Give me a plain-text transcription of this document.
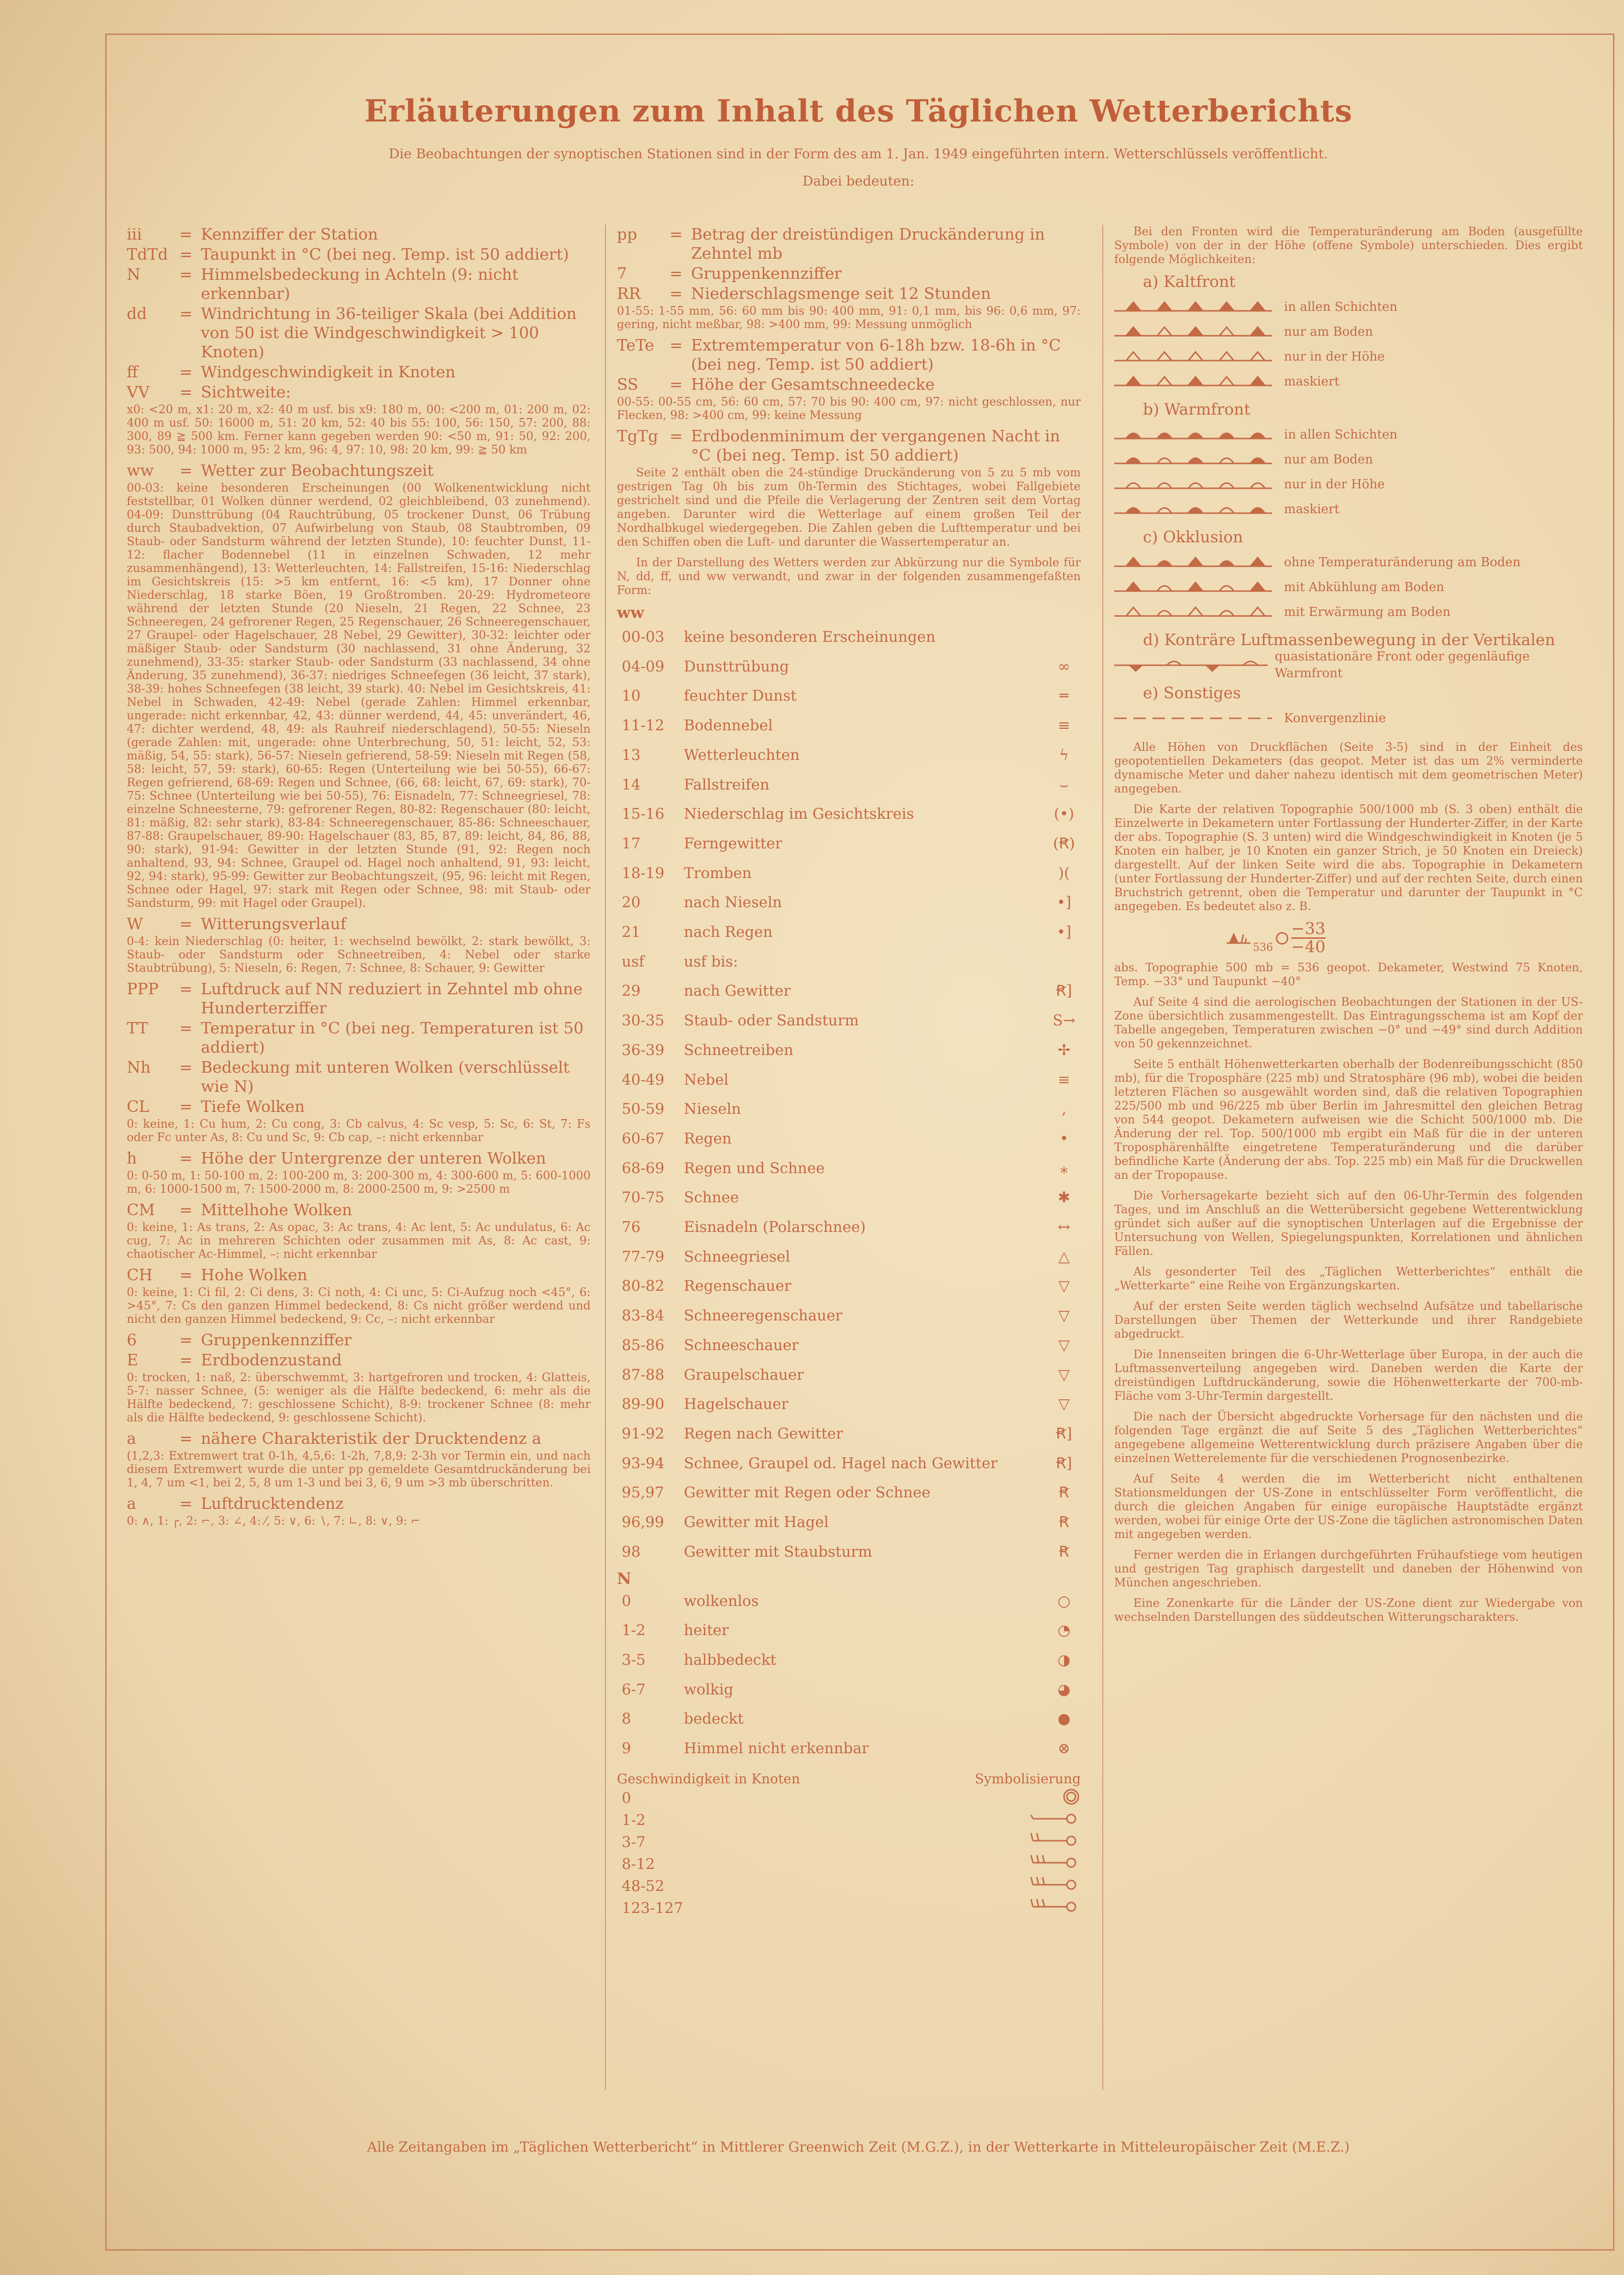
Erläuterungen zum Inhalt des Täglichen Wetterberichts
Die Beobachtungen der synoptischen Stationen sind in der Form des am 1. Jan. 1949 eingeführten intern. Wetterschlüssels veröffentlicht.
Dabei bedeuten:
iii	= Kennziffer der Station
TdTd = Taupunkt in °C (bei neg. Temp. ist 50 addiert)
N	= Himmelsbedeckung in Achteln (9: nicht erkennbar)
dd	= Windrichtung in 36-teiliger Skala (bei Addition von 50 ist die Windgeschwindigkeit > 100 Knoten)
ff	= Windgeschwindigkeit in Knoten
VV	= Sichtweite:
x0: <20 m, x1: 20 m, x2: 40 m usf. bis x9: 180 m, 00: <200 m, 01: 200 m, 02: 400 m usf. 50: 16000 m, 51: 20 km, 52: 40 bis 55: 100, 56: 150, 57: 200, 88: 300, 89 ≧ 500 km. Ferner kann gegeben werden 90: <50 m, 91: 50, 92: 200, 93: 500, 94: 1000 m, 95: 2 km, 96: 4, 97: 10, 98: 20 km, 99: ≧ 50 km
ww	= Wetter zur Beobachtungszeit
00-03: keine besonderen Erscheinungen (00 Wolkenentwicklung nicht feststellbar, 01 Wolken dünner werdend, 02 gleichbleibend, 03 zunehmend). 04-09: Dunsttrübung (04 Rauchtrübung, 05 trockener Dunst, 06 Trübung durch Staubadvektion, 07 Aufwirbelung von Staub, 08 Staubtromben, 09 Staub- oder Sandsturm während der letzten Stunde), 10: feuchter Dunst, 11-12: flacher Bodennebel (11 in einzelnen Schwaden, 12 mehr zusammenhängend), 13: Wetterleuchten, 14: Fallstreifen, 15-16: Niederschlag im Gesichtskreis (15: >5 km entfernt, 16: <5 km), 17 Donner ohne Niederschlag, 18 starke Böen, 19 Großtromben. 20-29: Hydrometeore während der letzten Stunde (20 Nieseln, 21 Regen, 22 Schnee, 23 Schneeregen, 24 gefrorener Regen, 25 Regenschauer, 26 Schneeregenschauer, 27 Graupel- oder Hagelschauer, 28 Nebel, 29 Gewitter), 30-32: leichter oder mäßiger Staub- oder Sandsturm (30 nachlassend, 31 ohne Änderung, 32 zunehmend), 33-35: starker Staub- oder Sandsturm (33 nachlassend, 34 ohne Änderung, 35 zunehmend), 36-37: niedriges Schneefegen (36 leicht, 37 stark), 38-39: hohes Schneefegen (38 leicht, 39 stark). 40: Nebel im Gesichtskreis, 41: Nebel in Schwaden, 42-49: Nebel (gerade Zahlen: Himmel erkennbar, ungerade: nicht erkennbar, 42, 43: dünner werdend, 44, 45: unverändert, 46, 47: dichter werdend, 48, 49: als Rauhreif niederschlagend), 50-55: Nieseln (gerade Zahlen: mit, ungerade: ohne Unterbrechung, 50, 51: leicht, 52, 53: mäßig, 54, 55: stark), 56-57: Nieseln gefrierend, 58-59: Nieseln mit Regen (58, 58: leicht, 57, 59: stark), 60-65: Regen (Unterteilung wie bei 50-55), 66-67: Regen gefrierend, 68-69: Regen und Schnee, (66, 68: leicht, 67, 69: stark), 70-75: Schnee (Unterteilung wie bei 50-55), 76: Eisnadeln, 77: Schneegriesel, 78: einzelne Schneesterne, 79: gefrorener Regen, 80-82: Regenschauer (80: leicht, 81: mäßig, 82: sehr stark), 83-84: Schneeregenschauer, 85-86: Schneeschauer, 87-88: Graupelschauer, 89-90: Hagelschauer (83, 85, 87, 89: leicht, 84, 86, 88, 90: stark), 91-94: Gewitter in der letzten Stunde (91, 92: Regen noch anhaltend, 93, 94: Schnee, Graupel od. Hagel noch anhaltend, 91, 93: leicht, 92, 94: stark), 95-99: Gewitter zur Beobachtungszeit, (95, 96: leicht mit Regen, Schnee oder Hagel, 97: stark mit Regen oder Schnee, 98: mit Staub- oder Sandsturm, 99: mit Hagel oder Graupel).
W	= Witterungsverlauf
0-4: kein Niederschlag (0: heiter, 1: wechselnd bewölkt, 2: stark bewölkt, 3: Staub- oder Sandsturm oder Schneetreiben, 4: Nebel oder starke Staubtrübung), 5: Nieseln, 6: Regen, 7: Schnee, 8: Schauer, 9: Gewitter
PPP	= Luftdruck auf NN reduziert in Zehntel mb ohne Hunderterziffer
TT	= Temperatur in °C (bei neg. Temperaturen ist 50 addiert)
Nh	= Bedeckung mit unteren Wolken (verschlüsselt wie N)
CL	= Tiefe Wolken
0: keine, 1: Cu hum, 2: Cu cong, 3: Cb calvus, 4: Sc vesp, 5: Sc, 6: St, 7: Fs oder Fc unter As, 8: Cu und Sc, 9: Cb cap, –: nicht erkennbar
h	= Höhe der Untergrenze der unteren Wolken
0: 0-50 m, 1: 50-100 m, 2: 100-200 m, 3: 200-300 m, 4: 300-600 m, 5: 600-1000 m, 6: 1000-1500 m, 7: 1500-2000 m, 8: 2000-2500 m, 9: >2500 m
CM	= Mittelhohe Wolken
0: keine, 1: As trans, 2: As opac, 3: Ac trans, 4: Ac lent, 5: Ac undulatus, 6: Ac cug, 7: Ac in mehreren Schichten oder zusammen mit As, 8: Ac cast, 9: chaotischer Ac-Himmel, –: nicht erkennbar
CH	= Hohe Wolken
0: keine, 1: Ci fil, 2: Ci dens, 3: Ci noth, 4: Ci unc, 5: Ci-Aufzug noch <45°, 6: >45°, 7: Cs den ganzen Himmel bedeckend, 8: Cs nicht größer werdend und nicht den ganzen Himmel bedeckend, 9: Cc, –: nicht erkennbar
6	= Gruppenkennziffer
E	= Erdbodenzustand
0: trocken, 1: naß, 2: überschwemmt, 3: hartgefroren und trocken, 4: Glatteis, 5-7: nasser Schnee, (5: weniger als die Hälfte bedeckend, 6: mehr als die Hälfte bedeckend, 7: geschlossene Schicht), 8-9: trockener Schnee (8: mehr als die Hälfte bedeckend, 9: geschlossene Schicht).
a	= nähere Charakteristik der Drucktendenz a
(1,2,3: Extremwert trat 0-1h, 4,5,6: 1-2h, 7,8,9: 2-3h vor Termin ein, und nach diesem Extremwert wurde die unter pp gemeldete Gesamtdruckänderung bei 1, 4, 7 um <1, bei 2, 5, 8 um 1-3 und bei 3, 6, 9 um >3 mb überschritten.
a	= Luftdrucktendenz
0: ∧, 1: ┌, 2: ⌐, 3: ∠, 4: ⁄, 5: ∨, 6: ∖, 7: ∟, 8: ∨, 9: ⌐
pp	= Betrag der dreistündigen Druckänderung in Zehntel mb
7	= Gruppenkennziffer
RR	= Niederschlagsmenge seit 12 Stunden
01-55: 1-55 mm, 56: 60 mm bis 90: 400 mm, 91: 0,1 mm, bis 96: 0,6 mm, 97: gering, nicht meßbar, 98: >400 mm, 99: Messung unmöglich
TeTe = Extremtemperatur von 6-18h bzw. 18-6h in °C (bei neg. Temp. ist 50 addiert)
SS	= Höhe der Gesamtschneedecke
00-55: 00-55 cm, 56: 60 cm, 57: 70 bis 90: 400 cm, 97: nicht geschlossen, nur Flecken, 98: >400 cm, 99: keine Messung
TgTg = Erdbodenminimum der vergangenen Nacht in °C (bei neg. Temp. ist 50 addiert)
Seite 2 enthält oben die 24-stündige Druckänderung von 5 zu 5 mb vom gestrigen Tag 0h bis zum 0h-Termin des Stichtages, wobei Fallgebiete gestrichelt sind und die Pfeile die Verlagerung der Zentren seit dem Vortag angeben. Darunter wird die Wetterlage auf einem großen Teil der Nordhalbkugel wiedergegeben. Die Zahlen geben die Lufttemperatur und bei den Schiffen oben die Luft- und darunter die Wassertemperatur an.
In der Darstellung des Wetters werden zur Abkürzung nur die Symbole für N, dd, ff, und ww verwandt, und zwar in der folgenden zusammengefaßten Form:
ww
00-03	keine besonderen Erscheinungen
04-09	Dunsttrübung	∞
10	feuchter Dunst	═
11-12	Bodennebel	≡
13	Wetterleuchten	ϟ
14	Fallstreifen	⌣
15-16	Niederschlag im Gesichtskreis	(•)
17	Ferngewitter	(Ꞧ)
18-19	Tromben	)(
20	nach Nieseln	•]
21	nach Regen	•]
usf	usf bis:
29	nach Gewitter	Ꞧ]
30-35	Staub- oder Sandsturm	S→
36-39	Schneetreiben	✢
40-49	Nebel	≡
50-59	Nieseln	,
60-67	Regen	•
68-69	Regen und Schnee	⁎
70-75	Schnee	✱
76	Eisnadeln (Polarschnee)	↔
77-79	Schneegriesel	△
80-82	Regenschauer	▽
83-84	Schneeregenschauer	▽
85-86	Schneeschauer	▽
87-88	Graupelschauer	▽
89-90	Hagelschauer	▽
91-92	Regen nach Gewitter	Ꞧ]
93-94	Schnee, Graupel od. Hagel nach Gewitter	Ꞧ]
95,97	Gewitter mit Regen oder Schnee	Ꞧ
96,99	Gewitter mit Hagel	Ꞧ
98	Gewitter mit Staubsturm	Ꞧ
N
0	wolkenlos	○
1-2	heiter	◔
3-5	halbbedeckt	◑
6-7	wolkig	◕
8	bedeckt	●
9	Himmel nicht erkennbar	⊗
Geschwindigkeit in Knoten	Symbolisierung
0
1-2
3-7
8-12
48-52
123-127
Bei den Fronten wird die Temperaturänderung am Boden (ausgefüllte Symbole) von der in der Höhe (offene Symbole) unterschieden. Dies ergibt folgende Möglichkeiten:
a) Kaltfront
in allen Schichten
nur am Boden
nur in der Höhe
maskiert
b) Warmfront
in allen Schichten
nur am Boden
nur in der Höhe
maskiert
c) Okklusion
ohne Temperaturänderung am Boden
mit Abkühlung am Boden
mit Erwärmung am Boden
d) Konträre Luftmassenbewegung in der Vertikalen
quasistationäre Front oder gegenläufige Warmfront
e) Sonstiges
Konvergenzlinie
Alle Höhen von Druckflächen (Seite 3-5) sind in der Einheit des geopotentiellen Dekameters (das geopot. Meter ist das um 2% verminderte dynamische Meter und daher nahezu identisch mit dem geometrischen Meter) angegeben.
Die Karte der relativen Topographie 500/1000 mb (S. 3 oben) enthält die Einzelwerte in Dekametern unter Fortlassung der Hunderter-Ziffer, in der Karte der abs. Topographie (S. 3 unten) wird die Windgeschwindigkeit in Knoten (je 5 Knoten ein halber, je 10 Knoten ein ganzer Strich, je 50 Knoten ein Dreieck) dargestellt. Auf der linken Seite wird die abs. Topographie in Dekametern (unter Fortlassung der Hunderter-Ziffer) und auf der rechten Seite, durch einen Bruchstrich getrennt, oben die Temperatur und darunter der Taupunkt in °C angegeben. Es bedeutet also z. B.
536
−33
−40
abs. Topographie 500 mb = 536 geopot. Dekameter, Westwind 75 Knoten, Temp. −33° und Taupunkt −40°
Auf Seite 4 sind die aerologischen Beobachtungen der Stationen in der US-Zone übersichtlich zusammengestellt. Das Eintragungsschema ist am Kopf der Tabelle angegeben, Temperaturen zwischen −0° und −49° sind durch Addition von 50 gekennzeichnet.
Seite 5 enthält Höhenwetterkarten oberhalb der Bodenreibungsschicht (850 mb), für die Troposphäre (225 mb) und Stratosphäre (96 mb), wobei die beiden letzteren Flächen so ausgewählt worden sind, daß die relativen Topographien 225/500 mb und 96/225 mb über Berlin im Jahresmittel den gleichen Betrag von 544 geopot. Dekametern aufweisen wie die Schicht 500/1000 mb. Die Änderung der rel. Top. 500/1000 mb ergibt ein Maß für die in der unteren Troposphärenhälfte eingetretene Temperaturänderung und die darüber befindliche Karte (Änderung der abs. Top. 225 mb) ein Maß für die Druckwellen an der Tropopause.
Die Vorhersagekarte bezieht sich auf den 06-Uhr-Termin des folgenden Tages, und im Anschluß an die Wetterübersicht gegebene Wetterentwicklung gründet sich außer auf die synoptischen Unterlagen auf die Ergebnisse der Untersuchung von Wellen, Spiegelungspunkten, Korrelationen und ähnlichen Fällen.
Als gesonderter Teil des „Täglichen Wetterberichtes“ enthält die „Wetterkarte“ eine Reihe von Ergänzungskarten.
Auf der ersten Seite werden täglich wechselnd Aufsätze und tabellarische Darstellungen über Themen der Wetterkunde und ihrer Randgebiete abgedruckt.
Die Innenseiten bringen die 6-Uhr-Wetterlage über Europa, in der auch die Luftmassenverteilung angegeben wird. Daneben werden die Karte der dreistündigen Luftdruckänderung, sowie die Höhenwetterkarte der 700-mb-Fläche vom 3-Uhr-Termin dargestellt.
Die nach der Übersicht abgedruckte Vorhersage für den nächsten und die folgenden Tage ergänzt die auf Seite 5 des „Täglichen Wetterberichtes“ angegebene allgemeine Wetterentwicklung durch präzisere Angaben über die einzelnen Wetterelemente für die verschiedenen Prognosenbezirke.
Auf Seite 4 werden die im Wetterbericht nicht enthaltenen Stationsmeldungen der US-Zone in entschlüsselter Form veröffentlicht, die durch die gleichen Angaben für einige europäische Hauptstädte ergänzt werden, wobei für einige Orte der US-Zone die täglichen astronomischen Daten mit angegeben werden.
Ferner werden die in Erlangen durchgeführten Frühaufstiege vom heutigen und gestrigen Tag graphisch dargestellt und daneben der Höhenwind von München angeschrieben.
Eine Zonenkarte für die Länder der US-Zone dient zur Wiedergabe von wechselnden Darstellungen des süddeutschen Witterungscharakters.
Alle Zeitangaben im „Täglichen Wetterbericht“ in Mittlerer Greenwich Zeit (M.G.Z.), in der Wetterkarte in Mitteleuropäischer Zeit (M.E.Z.)
